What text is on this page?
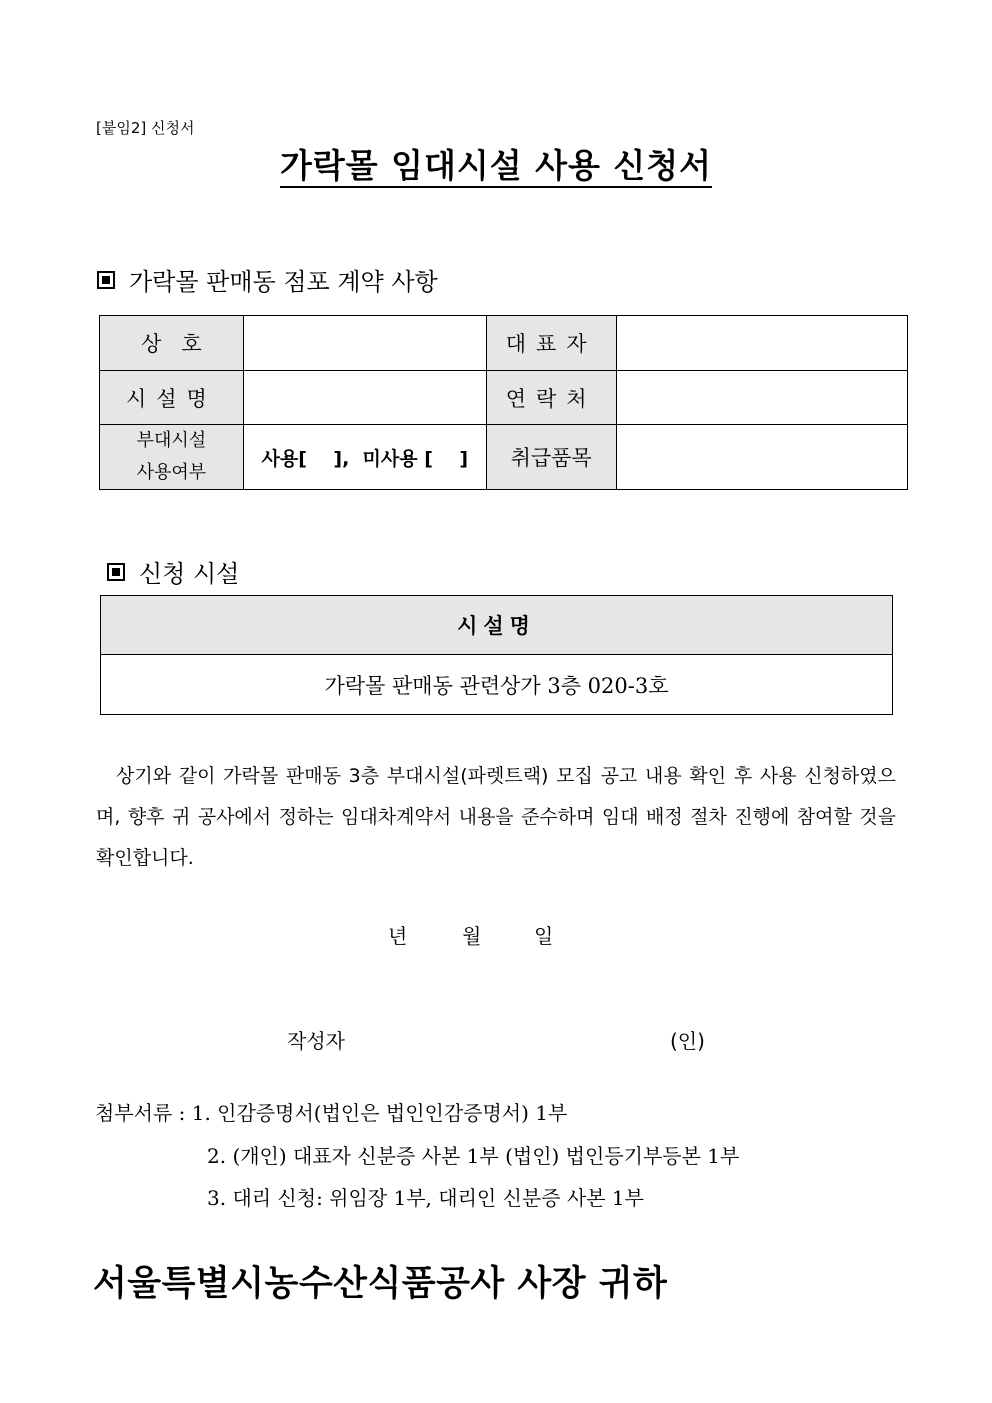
[붙임2] 신청서
가락몰 임대시설 사용 신청서
가락몰 판매동 점포 계약 사항
상   호		대표자	
시설명		연락처	

부대시설
사용여부	사용[    ],  미사용 [    ]	취급품목	
신청 시설
시설명
가락몰 판매동 관련상가 3층 020-3호

상기와 같이 가락몰 판매동 3층 부대시설(파렛트랙) 모집 공고 내용 확인 후 사용 신청하였으며, 향후 귀 공사에서 정하는 임대차계약서 내용을 준수하며 임대 배정 절차 진행에 참여할 것을 확인합니다.

년	월	일
작성자	(인)
첨부서류 : 1. 인감증명서(법인은 법인인감증명서) 1부
2. (개인) 대표자 신분증 사본 1부 (법인) 법인등기부등본 1부
3. 대리 신청: 위임장 1부, 대리인 신분증 사본 1부
서울특별시농수산식품공사 사장 귀하
